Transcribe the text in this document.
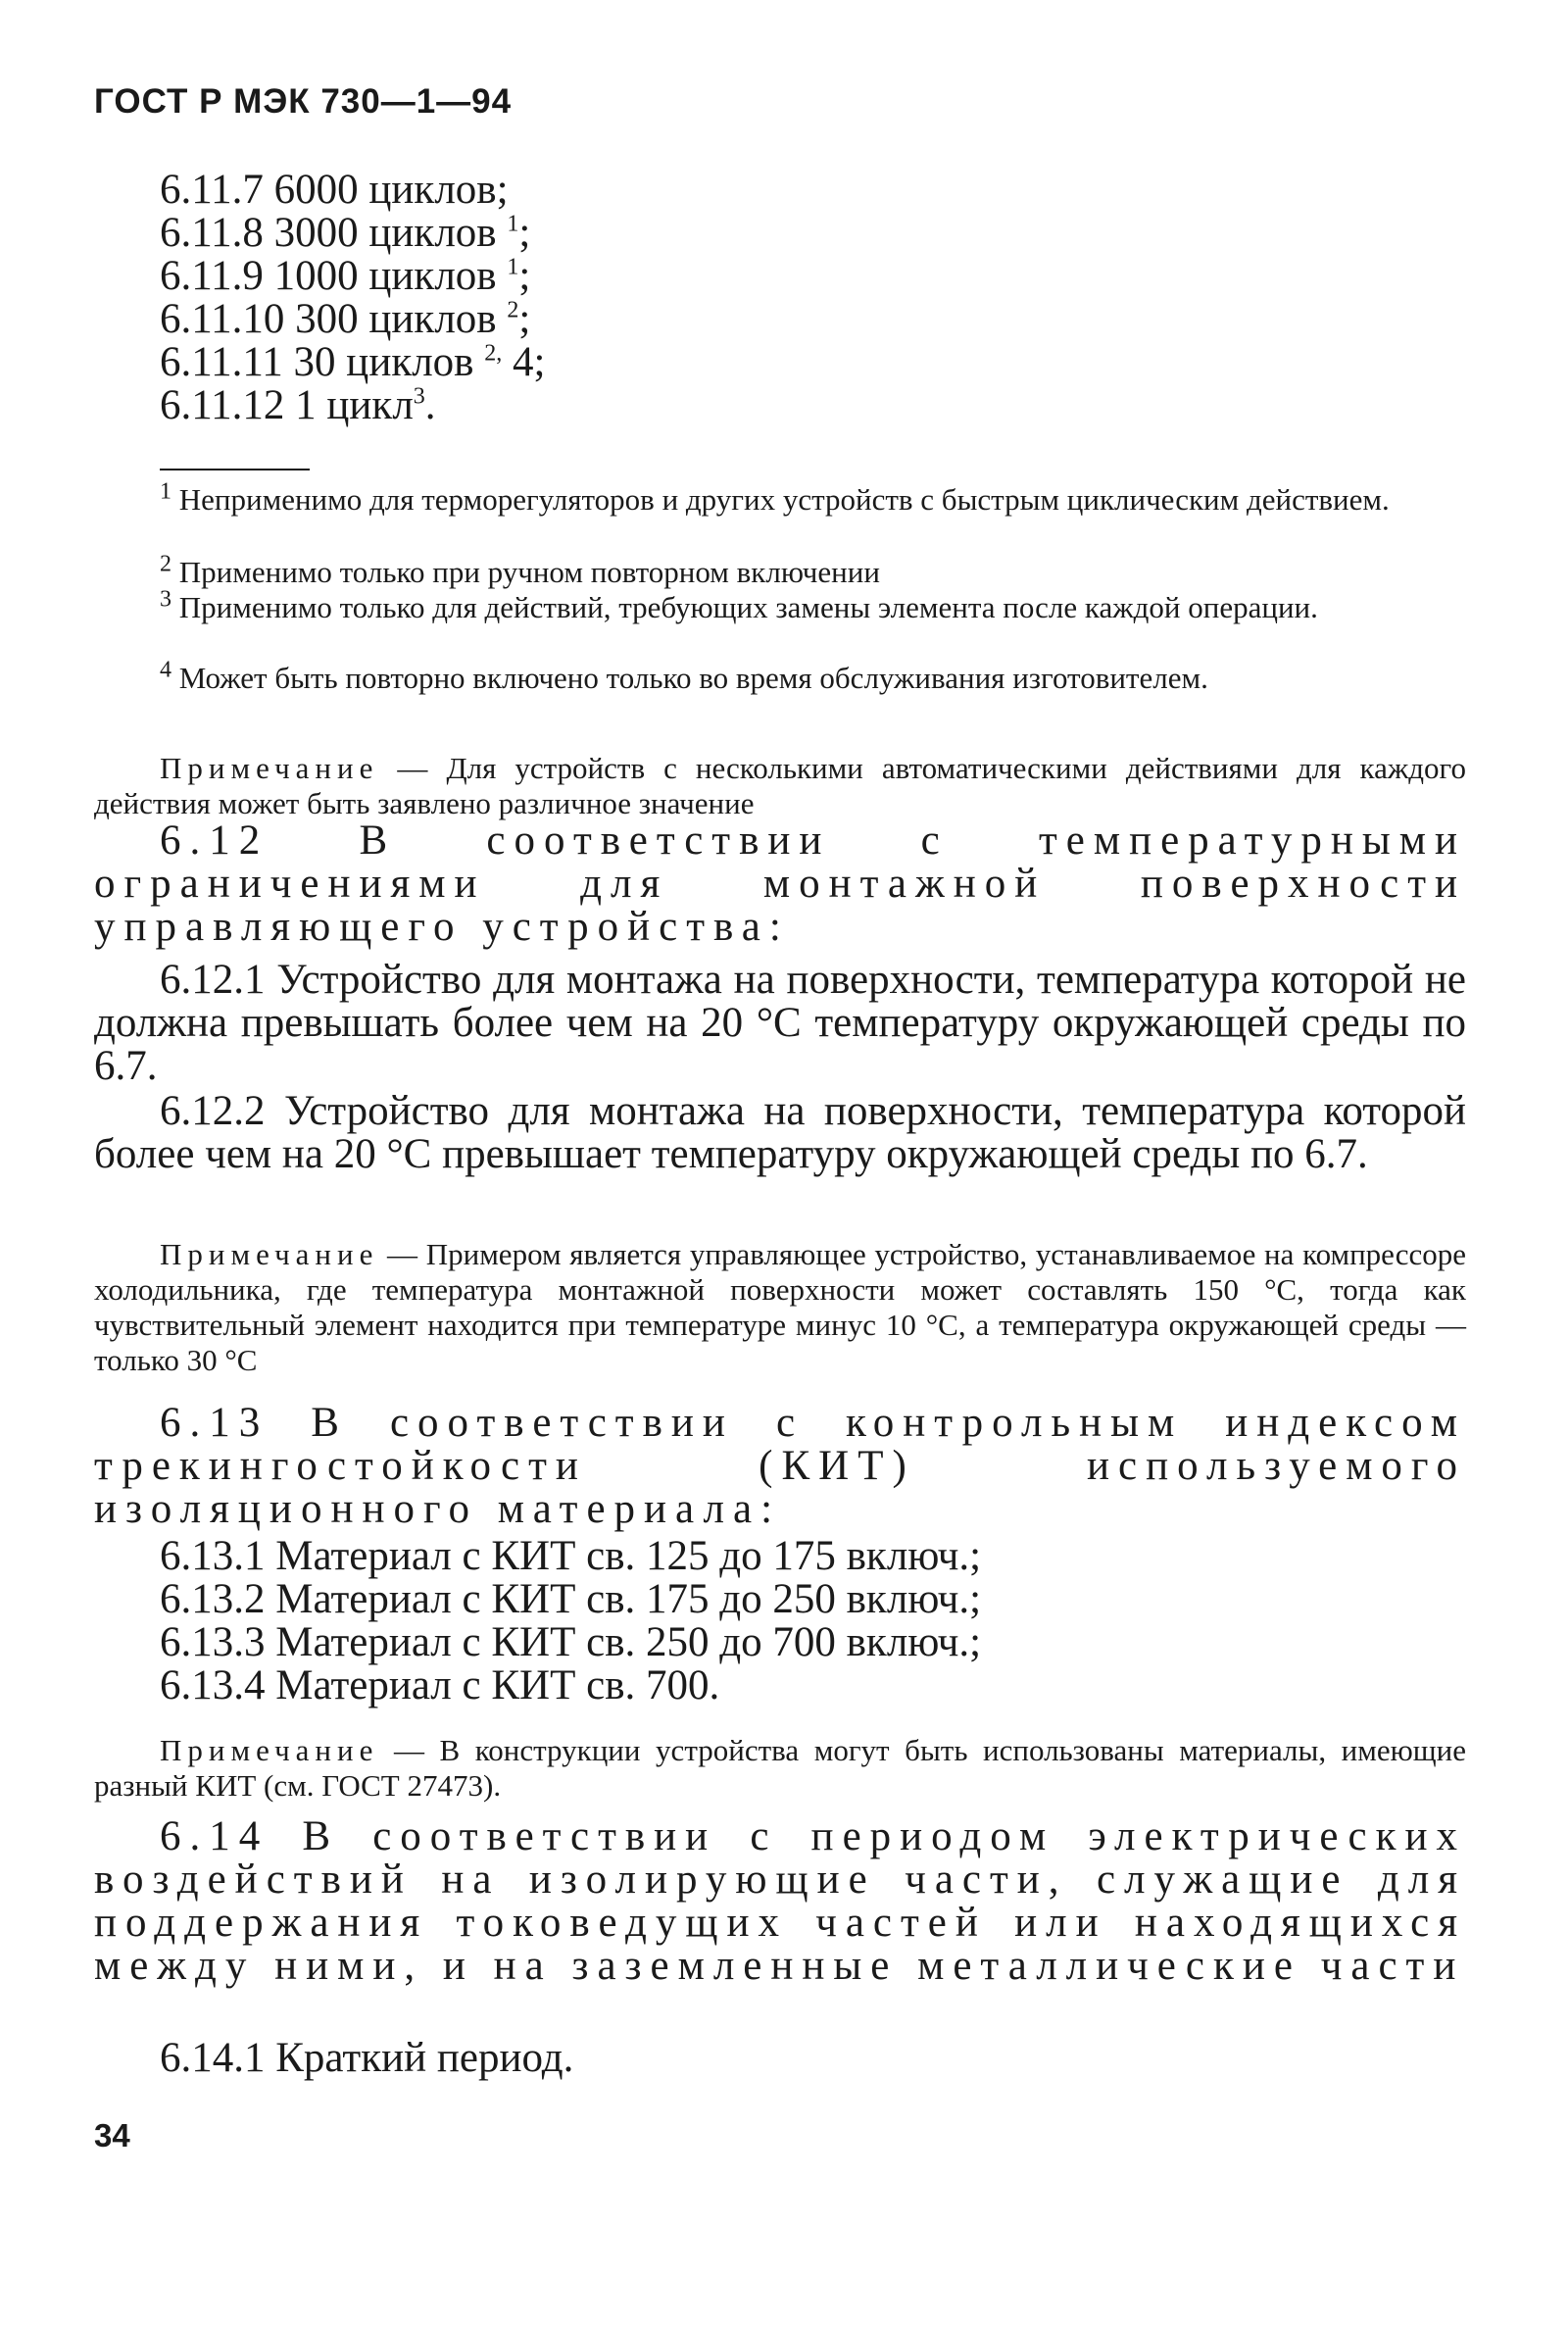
ГОСТ Р МЭК 730—1—94
6.11.7 6000 циклов;
6.11.8 3000 циклов $^1$;
6.11.9 1000 циклов $^1$;
6.11.10 300 циклов $^2$;
6.11.11 30 циклов $^{2,}$ 4;
6.11.12 1 цикл$^3$.
$^1$ Неприменимо для терморегуляторов и других устройств с быстрым циклическим действием.
$^2$ Применимо только при ручном повторном включении
$^3$ Применимо только для действий, требующих замены элемента после каждой операции.
$^4$ Может быть повторно включено только во время обслуживания изготовителем.
Примечание — Для устройств с несколькими автоматическими действиями для каждого действия может быть заявлено различное значение
6.12 В соответствии с температурными ограничениями для монтажной поверхности управляющего устройства:
6.12.1 Устройство для монтажа на поверхности, температура которой не должна превышать более чем на 20 °С температуру окружающей среды по 6.7.
6.12.2 Устройство для монтажа на поверхности, температура которой более чем на 20 °С превышает температуру окружающей среды по 6.7.
Примечание — Примером является управляющее устройство, устанавливаемое на компрессоре холодильника, где температура монтажной поверхности может составлять 150 °С, тогда как чувствительный элемент находится при температуре минус 10 °С, а температура окружающей среды — только 30 °С
6.13 В соответствии с контрольным индексом трекингостойкости (КИТ) используемого изоляционного материала:
6.13.1 Материал с КИТ св. 125 до 175 включ.;
6.13.2 Материал с КИТ св. 175 до 250 включ.;
6.13.3 Материал с КИТ св. 250 до 700 включ.;
6.13.4 Материал с КИТ св. 700.
Примечание — В конструкции устройства могут быть использованы материалы, имеющие разный КИТ (см. ГОСТ 27473).
6.14 В соответствии с периодом электрических воздействий на изолирующие части, служащие для поддержания токоведущих частей или находящихся между ними, и на заземленные металлические части
6.14.1 Краткий период.
34
